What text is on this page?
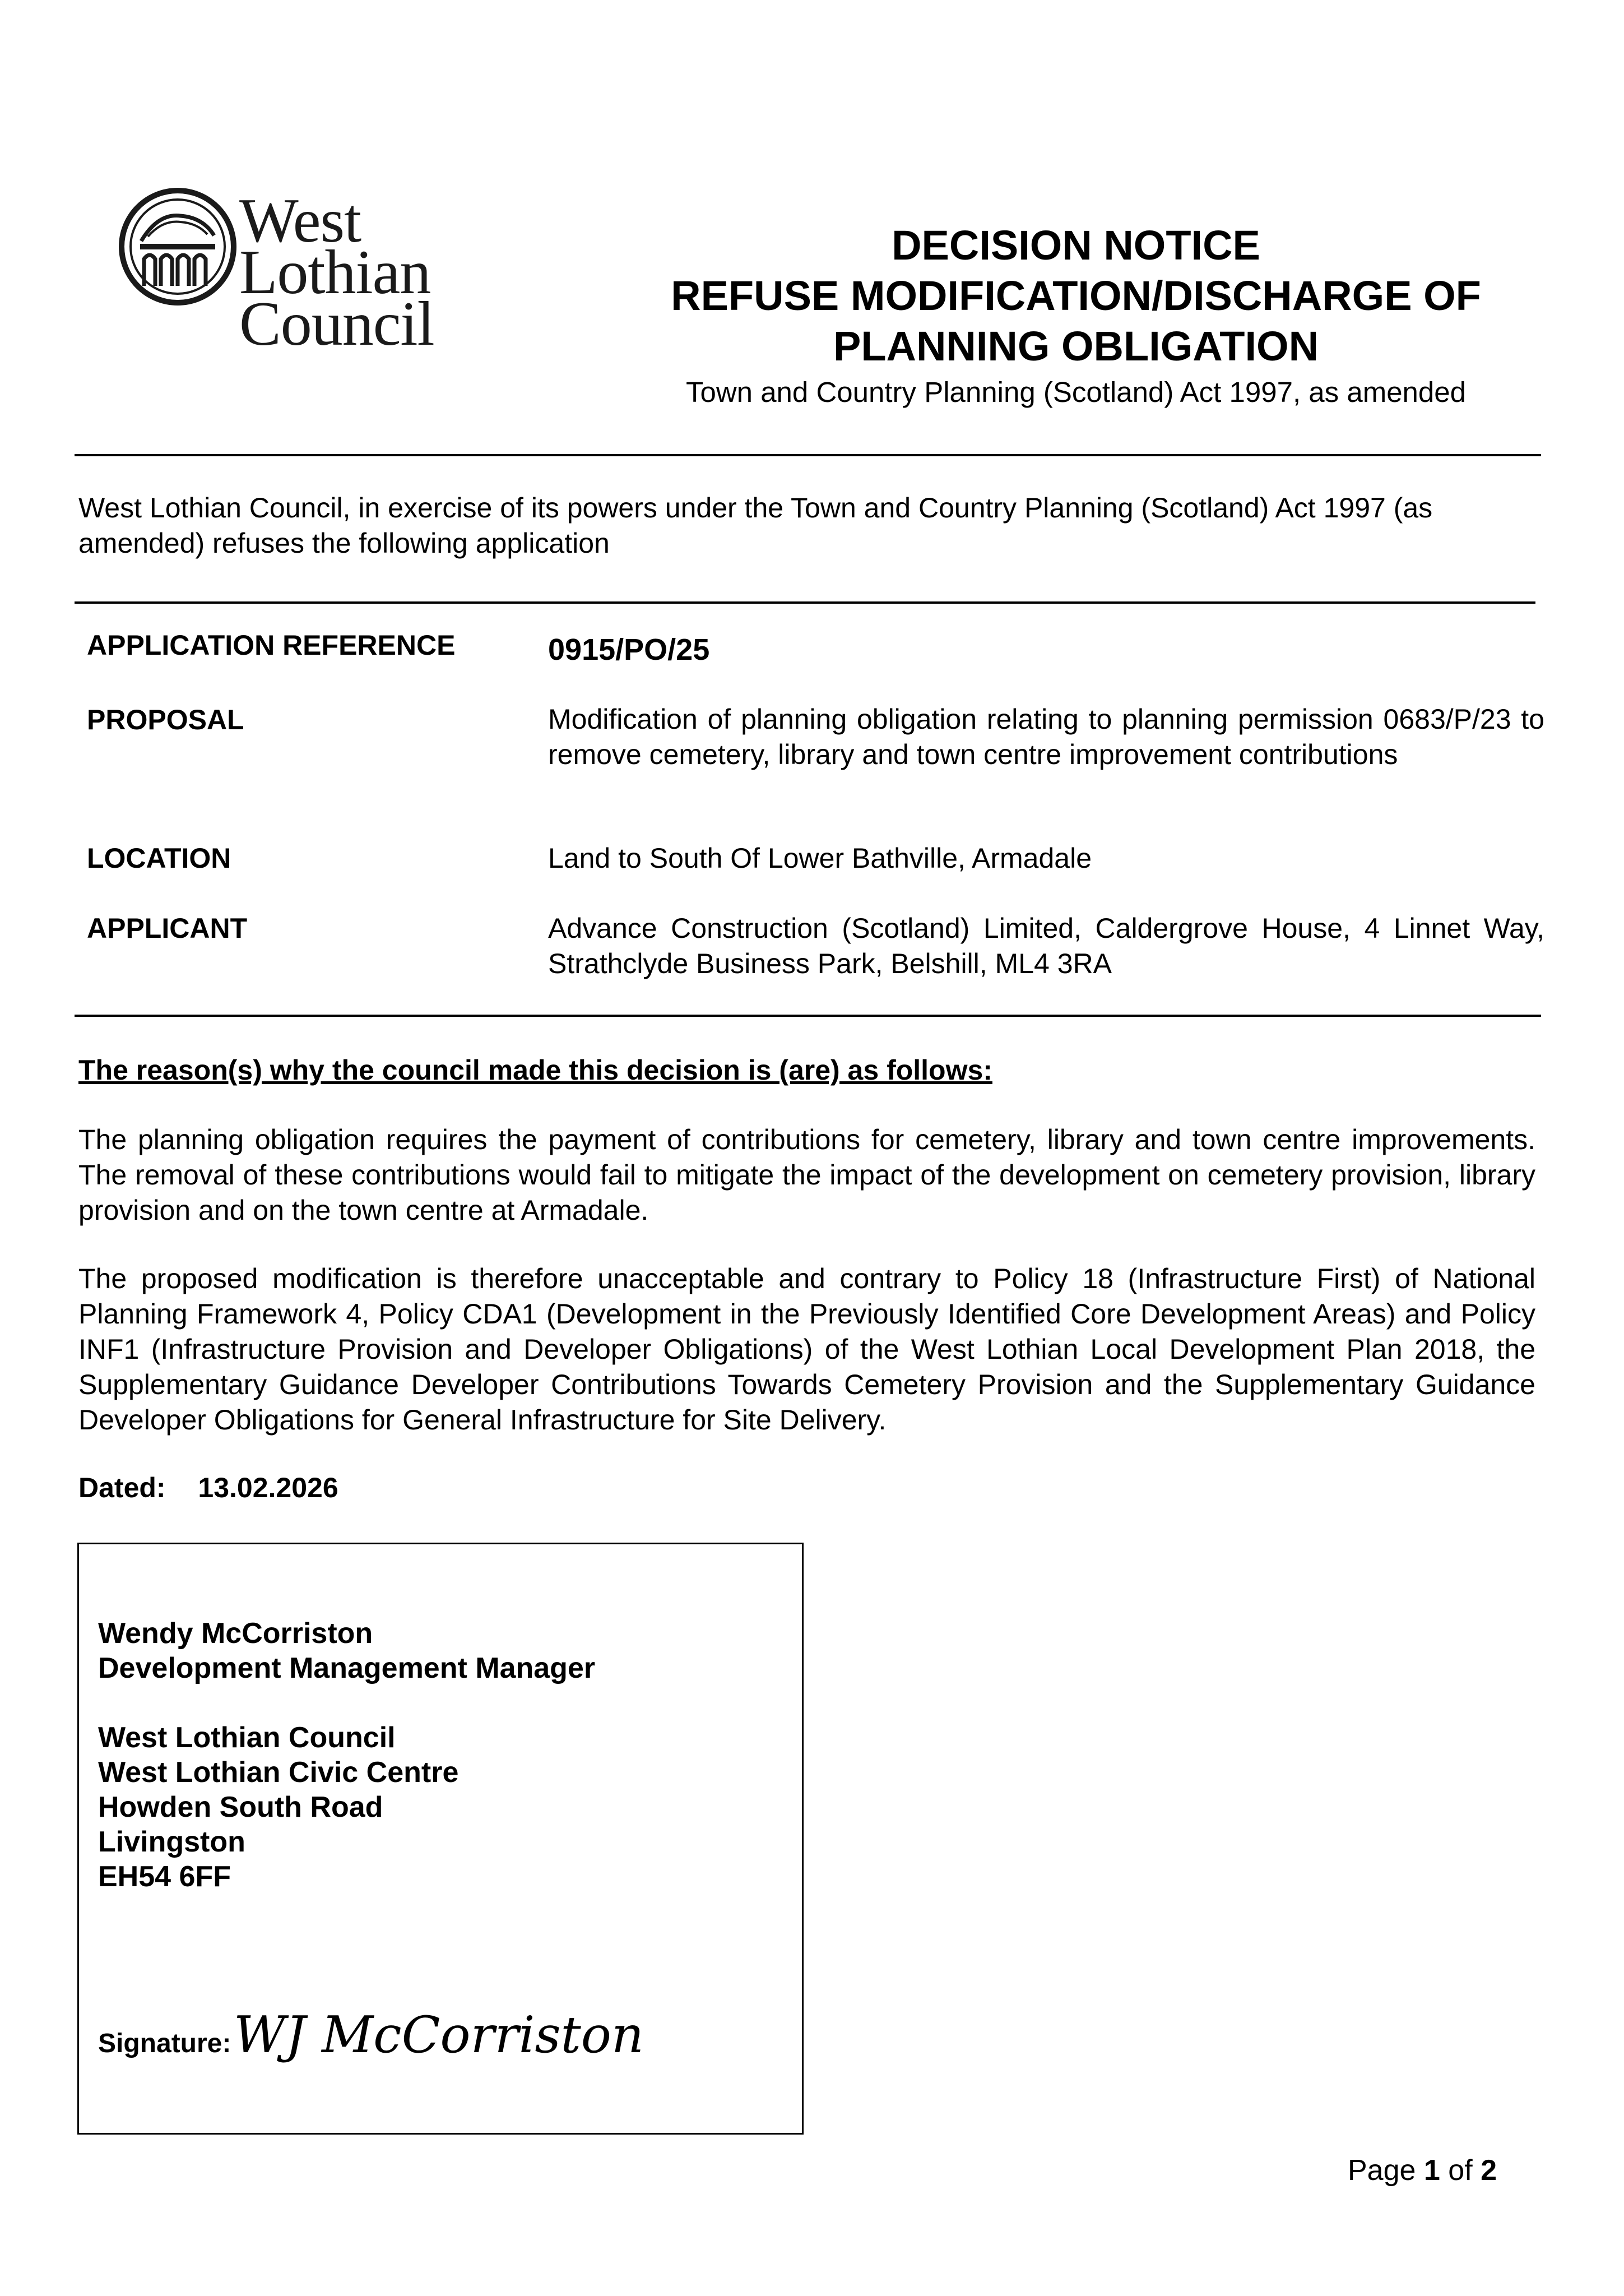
West Lothian
Council
DECISION NOTICE
REFUSE MODIFICATION/DISCHARGE OF
PLANNING OBLIGATION
Town and Country Planning (Scotland) Act 1997, as amended
West Lothian Council, in exercise of its powers under the Town and Country Planning (Scotland) Act 1997 (as amended) refuses the following application
APPLICATION REFERENCE	0915/PO/25
PROPOSAL	Modification of planning obligation relating to planning permission 0683/P/23 to remove cemetery, library and town centre improvement contributions
LOCATION	Land to South Of Lower Bathville, Armadale
APPLICANT	Advance Construction (Scotland) Limited, Caldergrove House, 4 Linnet Way, Strathclyde Business Park, Belshill, ML4 3RA
The reason(s) why the council made this decision is (are) as follows:
The planning obligation requires the payment of contributions for cemetery, library and town centre improvements. The removal of these contributions would fail to mitigate the impact of the development on cemetery provision, library provision and on the town centre at Armadale.
The proposed modification is therefore unacceptable and contrary to Policy 18 (Infrastructure First) of National Planning Framework 4, Policy CDA1 (Development in the Previously Identified Core Development Areas) and Policy INF1 (Infrastructure Provision and Developer Obligations) of the West Lothian Local Development Plan 2018, the Supplementary Guidance Developer Contributions Towards Cemetery Provision and the Supplementary Guidance Developer Obligations for General Infrastructure for Site Delivery.
Dated: 13.02.2026
Wendy McCorriston
Development Management Manager
West Lothian Council
West Lothian Civic Centre
Howden South Road
Livingston
EH54 6FF
Signature: WJ McCorriston
Page 1 of 2
